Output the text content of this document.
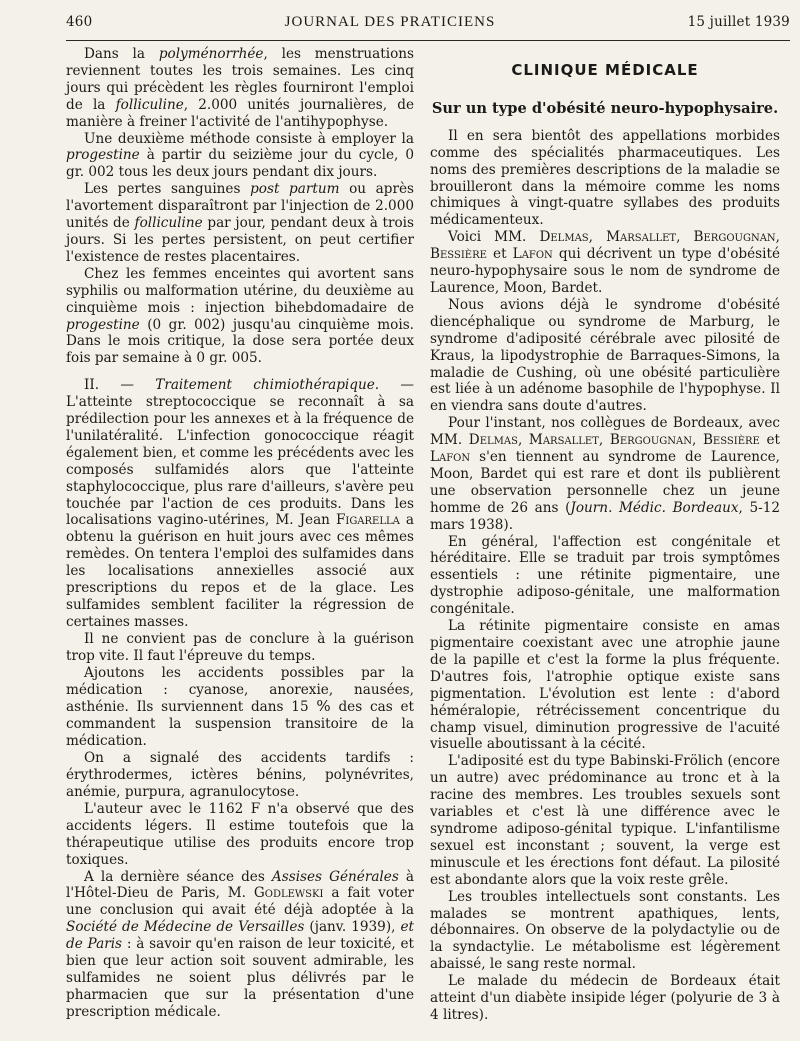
460	JOURNAL DES PRATICIENS	15 juillet 1939

Dans la polyménorrhée, les menstruations reviennent toutes les trois semaines. Les cinq jours qui précèdent les règles fourniront l'emploi de la folliculine, 2.000 unités journalières, de manière à freiner l'activité de l'antihypophyse.

Une deuxième méthode consiste à employer la progestine à partir du seizième jour du cycle, 0 gr. 002 tous les deux jours pendant dix jours.

Les pertes sanguines post partum ou après l'avortement disparaîtront par l'injection de 2.000 unités de folliculine par jour, pendant deux à trois jours. Si les pertes persistent, on peut certifier l'existence de restes placentaires.

Chez les femmes enceintes qui avortent sans syphilis ou malformation utérine, du deuxième au cinquième mois : injection bihebdomadaire de progestine (0 gr. 002) jusqu'au cinquième mois. Dans le mois critique, la dose sera portée deux fois par semaine à 0 gr. 005.

II. — Traitement chimiothérapique. — L'atteinte streptococcique se reconnaît à sa prédilection pour les annexes et à la fréquence de l'unilatéralité. L'infection gonococcique réagit également bien, et comme les précédents avec les composés sulfamidés alors que l'atteinte staphylococcique, plus rare d'ailleurs, s'avère peu touchée par l'action de ces produits. Dans les localisations vagino-utérines, M. Jean Figarella a obtenu la guérison en huit jours avec ces mêmes remèdes. On tentera l'emploi des sulfamides dans les localisations annexielles associé aux prescriptions du repos et de la glace. Les sulfamides semblent faciliter la régression de certaines masses.

Il ne convient pas de conclure à la guérison trop vite. Il faut l'épreuve du temps.

Ajoutons les accidents possibles par la médication : cyanose, anorexie, nausées, asthénie. Ils surviennent dans 15 % des cas et commandent la suspension transitoire de la médication.

On a signalé des accidents tardifs : érythrodermes, ictères bénins, polynévrites, anémie, purpura, agranulocytose.

L'auteur avec le 1162 F n'a observé que des accidents légers. Il estime toutefois que la thérapeutique utilise des produits encore trop toxiques.

A la dernière séance des Assises Générales à l'Hôtel-Dieu de Paris, M. Godlewski a fait voter une conclusion qui avait été déjà adoptée à la Société de Médecine de Versailles (janv. 1939), et de Paris : à savoir qu'en raison de leur toxicité, et bien que leur action soit souvent admirable, les sulfamides ne soient plus délivrés par le pharmacien que sur la présentation d'une prescription médicale.

CLINIQUE MÉDICALE
Sur un type d'obésité neuro-hypophysaire.

Il en sera bientôt des appellations morbides comme des spécialités pharmaceutiques. Les noms des premières descriptions de la maladie se brouilleront dans la mémoire comme les noms chimiques à vingt-quatre syllabes des produits médicamenteux.

Voici MM. Delmas, Marsallet, Bergougnan, Bessière et Lafon qui décrivent un type d'obésité neuro-hypophysaire sous le nom de syndrome de Laurence, Moon, Bardet.

Nous avions déjà le syndrome d'obésité diencéphalique ou syndrome de Marburg, le syndrome d'adiposité cérébrale avec pilosité de Kraus, la lipodystrophie de Barraques-Simons, la maladie de Cushing, où une obésité particulière est liée à un adénome basophile de l'hypophyse. Il en viendra sans doute d'autres.

Pour l'instant, nos collègues de Bordeaux, avec MM. Delmas, Marsallet, Bergougnan, Bessière et Lafon s'en tiennent au syndrome de Laurence, Moon, Bardet qui est rare et dont ils publièrent une observation personnelle chez un jeune homme de 26 ans (Journ. Médic. Bordeaux, 5-12 mars 1938).

En général, l'affection est congénitale et héréditaire. Elle se traduit par trois symptômes essentiels : une rétinite pigmentaire, une dystrophie adiposo-génitale, une malformation congénitale.

La rétinite pigmentaire consiste en amas pigmentaire coexistant avec une atrophie jaune de la papille et c'est la forme la plus fréquente. D'autres fois, l'atrophie optique existe sans pigmentation. L'évolution est lente : d'abord héméralopie, rétrécissement concentrique du champ visuel, diminution progressive de l'acuité visuelle aboutissant à la cécité.

L'adiposité est du type Babinski-Frölich (encore un autre) avec prédominance au tronc et à la racine des membres. Les troubles sexuels sont variables et c'est là une différence avec le syndrome adiposo-génital typique. L'infantilisme sexuel est inconstant ; souvent, la verge est minuscule et les érections font défaut. La pilosité est abondante alors que la voix reste grêle.

Les troubles intellectuels sont constants. Les malades se montrent apathiques, lents, débonnaires. On observe de la polydactylie ou de la syndactylie. Le métabolisme est légèrement abaissé, le sang reste normal.

Le malade du médecin de Bordeaux était atteint d'un diabète insipide léger (polyurie de 3 à 4 litres).
